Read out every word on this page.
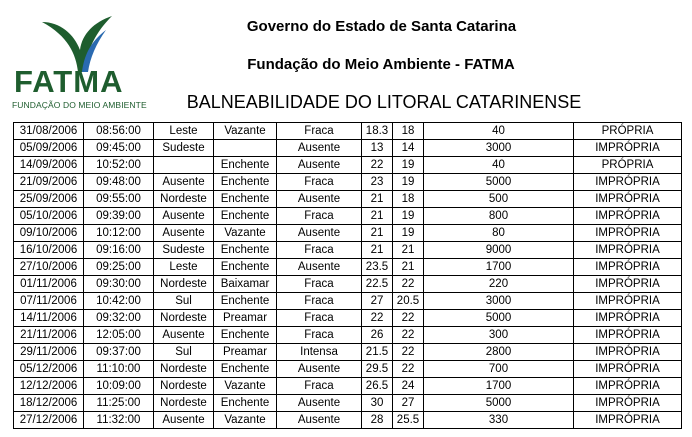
FATMA
FUNDAÇÃO DO MEIO AMBIENTE
Governo do Estado de Santa Catarina
Fundação do Meio Ambiente - FATMA
BALNEABILIDADE DO LITORAL CATARINENSE
31/08/2006	08:56:00	Leste	Vazante	Fraca	18.3	18	40	PRÓPRIA
05/09/2006	09:45:00	Sudeste		Ausente	13	14	3000	IMPRÓPRIA
14/09/2006	10:52:00		Enchente	Ausente	22	19	40	PRÓPRIA
21/09/2006	09:48:00	Ausente	Enchente	Fraca	23	19	5000	IMPRÓPRIA
25/09/2006	09:55:00	Nordeste	Enchente	Ausente	21	18	500	IMPRÓPRIA
05/10/2006	09:39:00	Ausente	Enchente	Fraca	21	19	800	IMPRÓPRIA
09/10/2006	10:12:00	Ausente	Vazante	Ausente	21	19	80	IMPRÓPRIA
16/10/2006	09:16:00	Sudeste	Enchente	Fraca	21	21	9000	IMPRÓPRIA
27/10/2006	09:25:00	Leste	Enchente	Ausente	23.5	21	1700	IMPRÓPRIA
01/11/2006	09:30:00	Nordeste	Baixamar	Fraca	22.5	22	220	IMPRÓPRIA
07/11/2006	10:42:00	Sul	Enchente	Fraca	27	20.5	3000	IMPRÓPRIA
14/11/2006	09:32:00	Nordeste	Preamar	Fraca	22	22	5000	IMPRÓPRIA
21/11/2006	12:05:00	Ausente	Enchente	Fraca	26	22	300	IMPRÓPRIA
29/11/2006	09:37:00	Sul	Preamar	Intensa	21.5	22	2800	IMPRÓPRIA
05/12/2006	11:10:00	Nordeste	Enchente	Ausente	29.5	22	700	IMPRÓPRIA
12/12/2006	10:09:00	Nordeste	Vazante	Fraca	26.5	24	1700	IMPRÓPRIA
18/12/2006	11:25:00	Nordeste	Enchente	Ausente	30	27	5000	IMPRÓPRIA
27/12/2006	11:32:00	Ausente	Vazante	Ausente	28	25.5	330	IMPRÓPRIA
